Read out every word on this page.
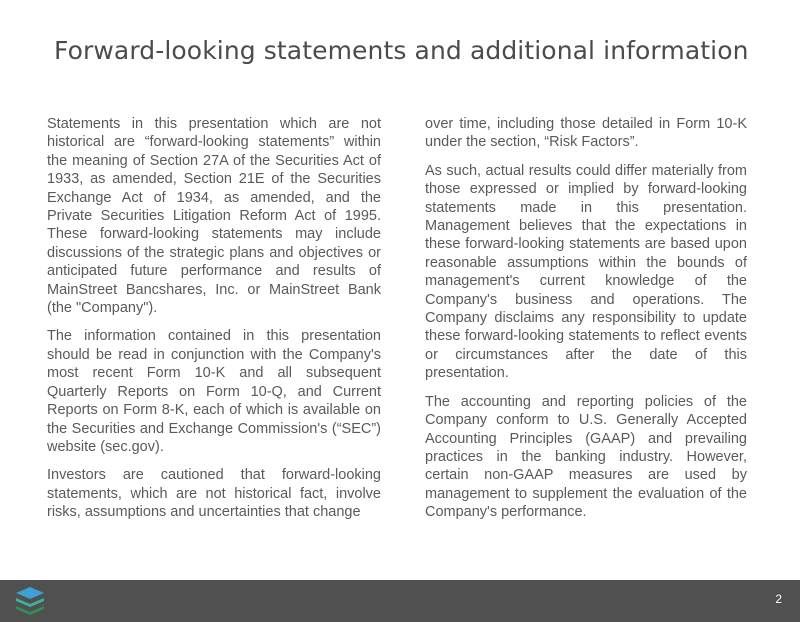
Forward-looking statements and additional information

Statements in this presentation which are not historical are “forward-looking statements” within the meaning of Section 27A of the Securities Act of 1933, as amended, Section 21E of the Securities Exchange Act of 1934, as amended, and the Private Securities Litigation Reform Act of 1995. These forward-looking statements may include discussions of the strategic plans and objectives or anticipated future performance and results of MainStreet Bancshares, Inc. or MainStreet Bank (the "Company").

The information contained in this presentation should be read in conjunction with the Company's most recent Form 10-K and all subsequent Quarterly Reports on Form 10-Q, and Current Reports on Form 8-K, each of which is available on the Securities and Exchange Commission's (“SEC”) website (sec.gov).

Investors are cautioned that forward-looking statements, which are not historical fact, involve risks, assumptions and uncertainties that change

over time, including those detailed in Form 10-K under the section, “Risk Factors”.

As such, actual results could differ materially from those expressed or implied by forward-looking statements made in this presentation. Management believes that the expectations in these forward-looking statements are based upon reasonable assumptions within the bounds of management's current knowledge of the Company's business and operations. The Company disclaims any responsibility to update these forward-looking statements to reflect events or circumstances after the date of this presentation.

The accounting and reporting policies of the Company conform to U.S. Generally Accepted Accounting Principles (GAAP) and prevailing practices in the banking industry. However, certain non-GAAP measures are used by management to supplement the evaluation of the Company's performance.

2
